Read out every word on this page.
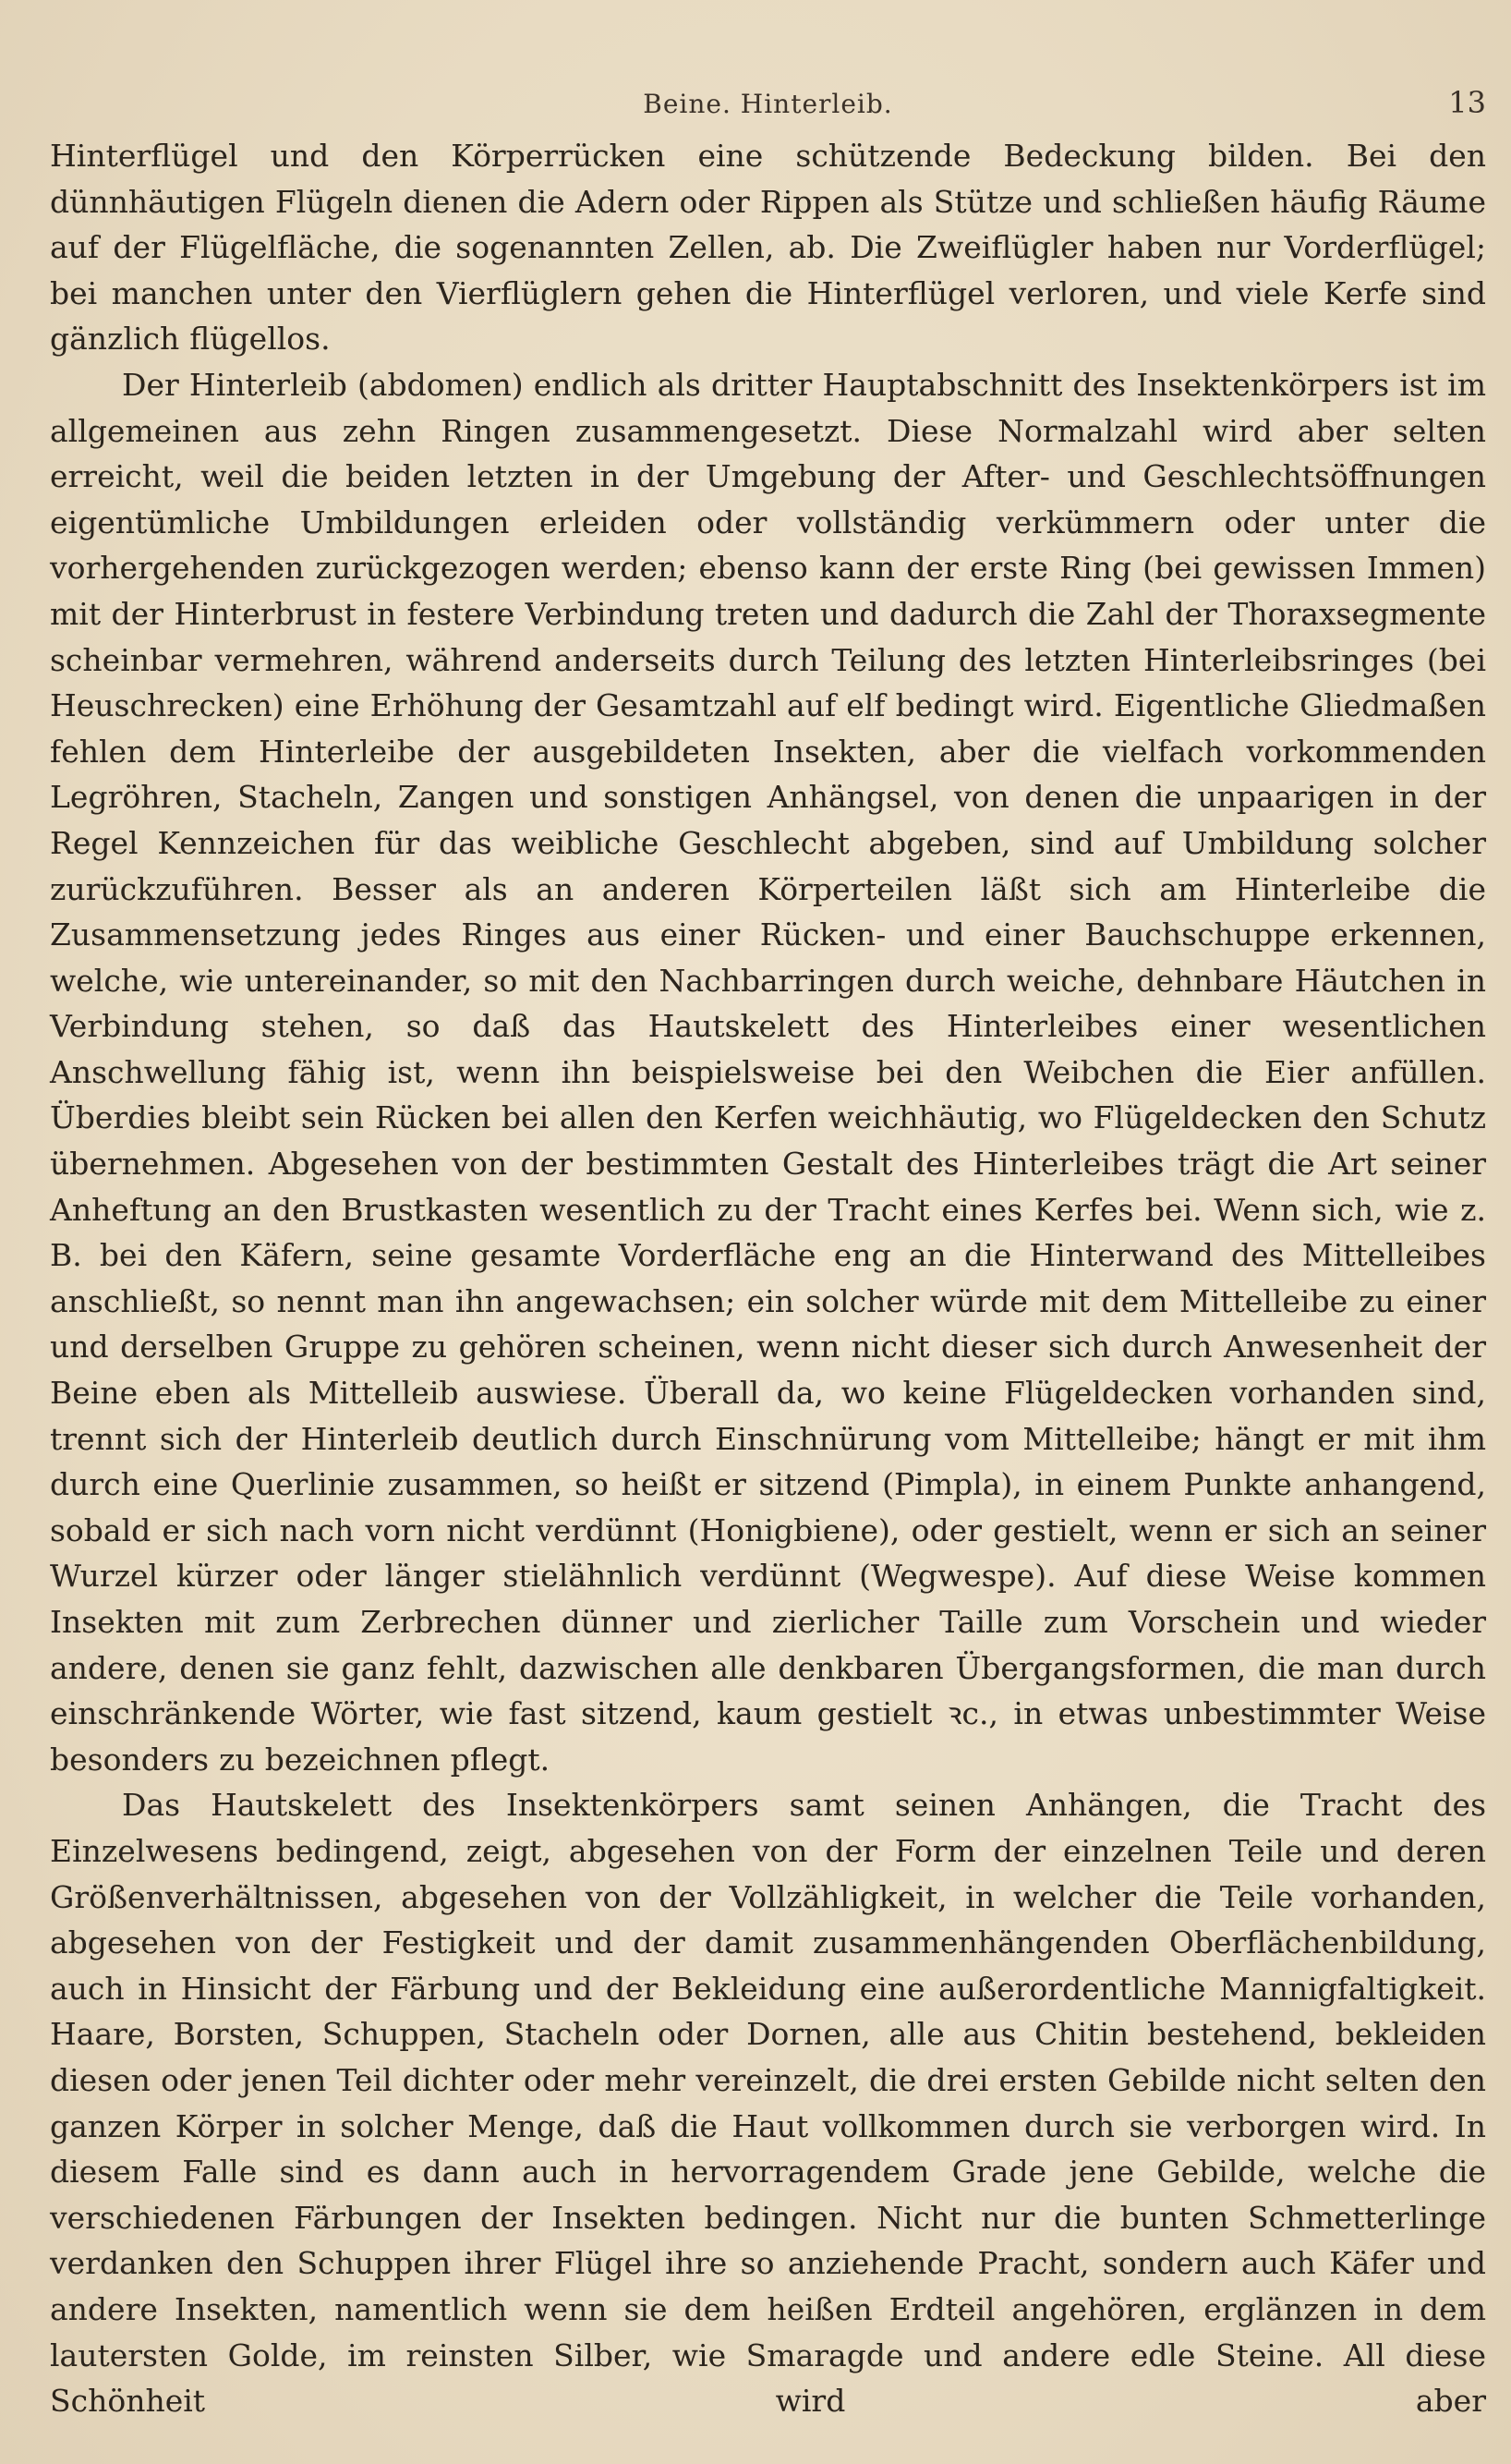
Beine. Hinterleib.	13

Hinterflügel und den Körperrücken eine schützende Bedeckung bilden. Bei den dünnhäutigen Flügeln dienen die Adern oder Rippen als Stütze und schließen häufig Räume auf der Flügelfläche, die sogenannten Zellen, ab. Die Zweiflügler haben nur Vorderflügel; bei manchen unter den Vierflüglern gehen die Hinterflügel verloren, und viele Kerfe sind gänzlich flügellos.

Der Hinterleib (abdomen) endlich als dritter Hauptabschnitt des Insektenkörpers ist im allgemeinen aus zehn Ringen zusammengesetzt. Diese Normalzahl wird aber selten erreicht, weil die beiden letzten in der Umgebung der After- und Geschlechtsöffnungen eigentümliche Umbildungen erleiden oder vollständig verkümmern oder unter die vorhergehenden zurückgezogen werden; ebenso kann der erste Ring (bei gewissen Immen) mit der Hinterbrust in festere Verbindung treten und dadurch die Zahl der Thoraxsegmente scheinbar vermehren, während anderseits durch Teilung des letzten Hinterleibsringes (bei Heuschrecken) eine Erhöhung der Gesamtzahl auf elf bedingt wird. Eigentliche Gliedmaßen fehlen dem Hinterleibe der ausgebildeten Insekten, aber die vielfach vorkommenden Legröhren, Stacheln, Zangen und sonstigen Anhängsel, von denen die unpaarigen in der Regel Kennzeichen für das weibliche Geschlecht abgeben, sind auf Umbildung solcher zurückzuführen. Besser als an anderen Körperteilen läßt sich am Hinterleibe die Zusammensetzung jedes Ringes aus einer Rücken- und einer Bauchschuppe erkennen, welche, wie untereinander, so mit den Nachbarringen durch weiche, dehnbare Häutchen in Verbindung stehen, so daß das Hautskelett des Hinterleibes einer wesentlichen Anschwellung fähig ist, wenn ihn beispielsweise bei den Weibchen die Eier anfüllen. Überdies bleibt sein Rücken bei allen den Kerfen weichhäutig, wo Flügeldecken den Schutz übernehmen. Abgesehen von der bestimmten Gestalt des Hinterleibes trägt die Art seiner Anheftung an den Brustkasten wesentlich zu der Tracht eines Kerfes bei. Wenn sich, wie z. B. bei den Käfern, seine gesamte Vorderfläche eng an die Hinterwand des Mittelleibes anschließt, so nennt man ihn angewachsen; ein solcher würde mit dem Mittelleibe zu einer und derselben Gruppe zu gehören scheinen, wenn nicht dieser sich durch Anwesenheit der Beine eben als Mittelleib auswiese. Überall da, wo keine Flügeldecken vorhanden sind, trennt sich der Hinterleib deutlich durch Einschnürung vom Mittelleibe; hängt er mit ihm durch eine Querlinie zusammen, so heißt er sitzend (Pimpla), in einem Punkte anhangend, sobald er sich nach vorn nicht verdünnt (Honigbiene), oder gestielt, wenn er sich an seiner Wurzel kürzer oder länger stielähnlich verdünnt (Wegwespe). Auf diese Weise kommen Insekten mit zum Zerbrechen dünner und zierlicher Taille zum Vorschein und wieder andere, denen sie ganz fehlt, dazwischen alle denkbaren Übergangsformen, die man durch einschränkende Wörter, wie fast sitzend, kaum gestielt ꝛc., in etwas unbestimmter Weise besonders zu bezeichnen pflegt.

Das Hautskelett des Insektenkörpers samt seinen Anhängen, die Tracht des Einzelwesens bedingend, zeigt, abgesehen von der Form der einzelnen Teile und deren Größenverhältnissen, abgesehen von der Vollzähligkeit, in welcher die Teile vorhanden, abgesehen von der Festigkeit und der damit zusammenhängenden Oberflächenbildung, auch in Hinsicht der Färbung und der Bekleidung eine außerordentliche Mannigfaltigkeit. Haare, Borsten, Schuppen, Stacheln oder Dornen, alle aus Chitin bestehend, bekleiden diesen oder jenen Teil dichter oder mehr vereinzelt, die drei ersten Gebilde nicht selten den ganzen Körper in solcher Menge, daß die Haut vollkommen durch sie verborgen wird. In diesem Falle sind es dann auch in hervorragendem Grade jene Gebilde, welche die verschiedenen Färbungen der Insekten bedingen. Nicht nur die bunten Schmetterlinge verdanken den Schuppen ihrer Flügel ihre so anziehende Pracht, sondern auch Käfer und andere Insekten, namentlich wenn sie dem heißen Erdteil angehören, erglänzen in dem lautersten Golde, im reinsten Silber, wie Smaragde und andere edle Steine. All diese Schönheit wird aber
